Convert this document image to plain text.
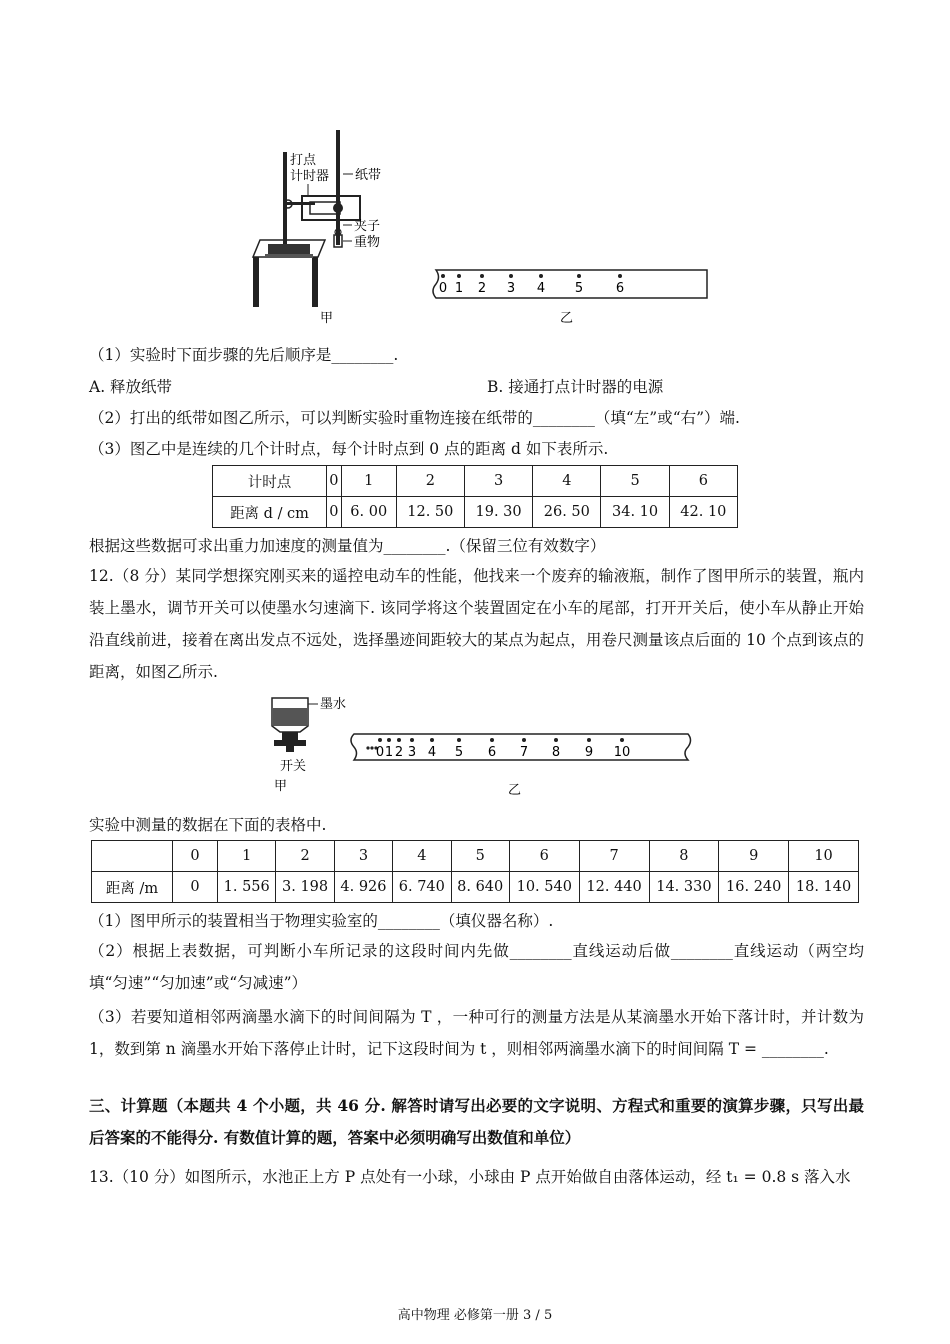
打点
计时器 纸带
夹子
重物
甲
0 1 2 3 4 5	6
乙
（1）实验时下面步骤的先后顺序是________.
A. 释放纸带	B. 接通打点计时器的电源
（2）打出的纸带如图乙所示，可以判断实验时重物连接在纸带的________（填“左”或“右”）端.
（3）图乙中是连续的几个计时点，每个计时点到 0 点的距离 d 如下表所示.
计时点	0	1	2	3	4	5	6
距离 d / cm	0	6. 00	12. 50	19. 30	26. 50	34. 10	42. 10
根据这些数据可求出重力加速度的测量值为________.（保留三位有效数字）
12.（8 分）某同学想探究刚买来的遥控电动车的性能，他找来一个废弃的输液瓶，制作了图甲所示的装置，瓶内装上墨水，调节开关可以使墨水匀速滴下. 该同学将这个装置固定在小车的尾部，打开开关后，使小车从静止开始沿直线前进，接着在离出发点不远处，选择墨迹间距较大的某点为起点，用卷尺测量该点后面的 10 个点到该点的距离，如图乙所示.
墨水
开关
甲
0 1 2 3 4 5 6 7 8 9 10
乙
实验中测量的数据在下面的表格中.
	0	1	2	3	4	5	6	7	8	9	10
距离 /m	0	1. 556	3. 198	4. 926	6. 740	8. 640	10. 540	12. 440	14. 330	16. 240	18. 140
（1）图甲所示的装置相当于物理实验室的________（填仪器名称）.
（2）根据上表数据，可判断小车所记录的这段时间内先做________直线运动后做________直线运动（两空均填“匀速”“匀加速”或“匀减速”）
（3）若要知道相邻两滴墨水滴下的时间间隔为 T ，一种可行的测量方法是从某滴墨水开始下落计时，并计数为 1，数到第 n 滴墨水开始下落停止计时，记下这段时间为 t ，则相邻两滴墨水滴下的时间间隔 T = ________.
三、计算题（本题共 4 个小题，共 46 分. 解答时请写出必要的文字说明、方程式和重要的演算步骤，只写出最后答案的不能得分. 有数值计算的题，答案中必须明确写出数值和单位）
13.（10 分）如图所示，水池正上方 P 点处有一小球，小球由 P 点开始做自由落体运动，经 t₁ = 0.8 s 落入水
高中物理 必修第一册 3 / 5
